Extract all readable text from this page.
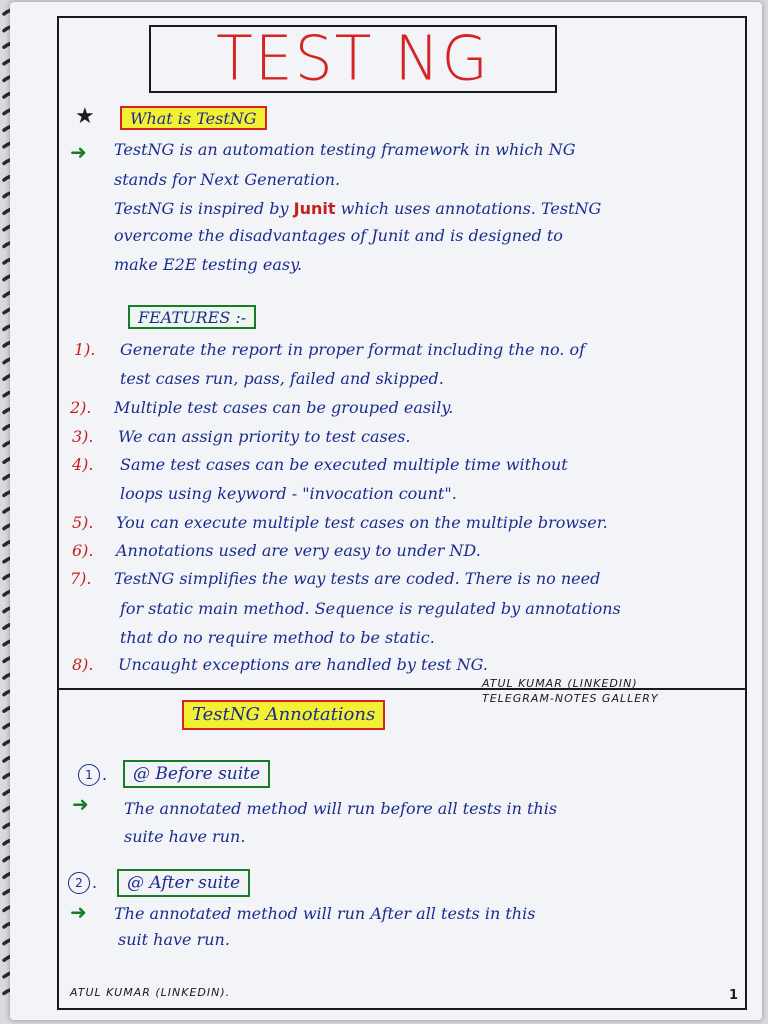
TEST NG
★	What is TestNG
➜ TestNG is an automation testing framework in which NG
stands for Next Generation.
TestNG is inspired by Junit which uses annotations. TestNG
overcome the disadvantages of Junit and is designed to
make E2E testing easy.
FEATURES :-
1). Generate the report in proper format including the no. of
test cases run, pass, failed and skipped.
2). Multiple test cases can be grouped easily.
3). We can assign priority to test cases.
4). Same test cases can be executed multiple time without
loops using keyword - "invocation count".
5). You can execute multiple test cases on the multiple browser.
6). Annotations used are very easy to under ND.
7). TestNG simplifies the way tests are coded. There is no need
for static main method. Sequence is regulated by annotations
that do no require method to be static.
8). Uncaught exceptions are handled by test NG.
ATUL KUMAR (LINKEDIN)
TELEGRAM-NOTES GALLERY
TestNG Annotations
1 .	@ Before suite
➜ The annotated method will run before all tests in this
suite have run.
2 .	@ After suite
➜ The annotated method will run After all tests in this
suit have run.
ATUL KUMAR (LINKEDIN).	1
